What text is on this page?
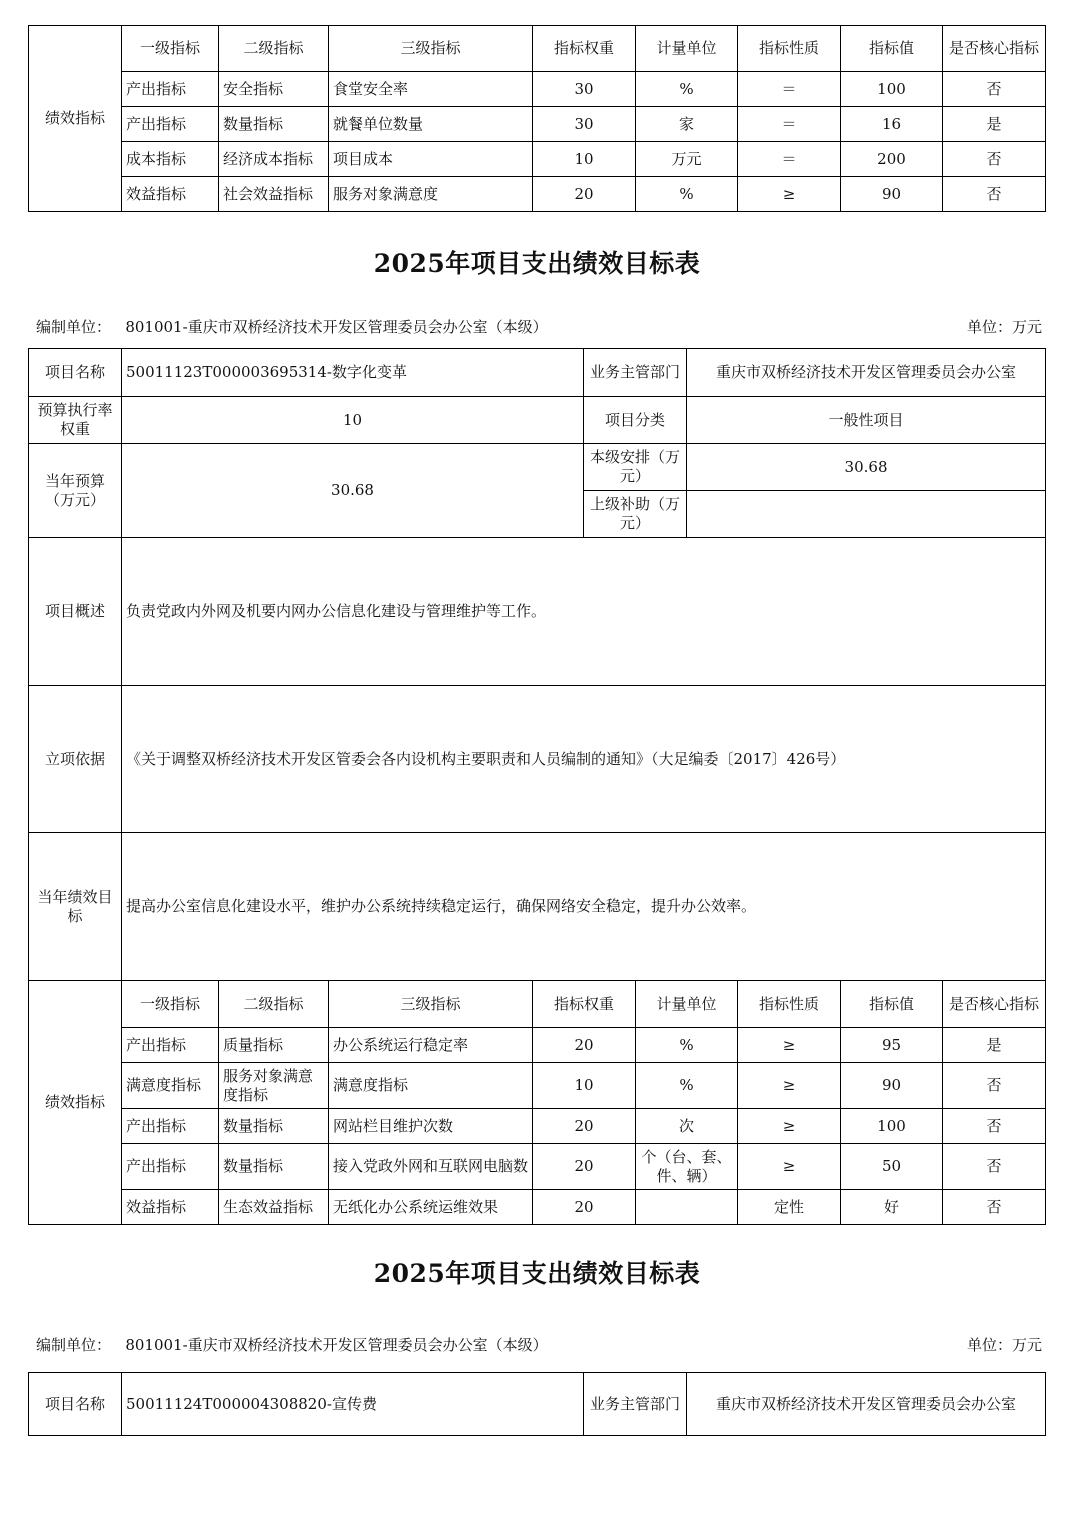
绩效指标	一级指标	二级指标	三级指标	指标权重	计量单位	指标性质	指标值	是否核心指标
	产出指标	安全指标	食堂安全率	30	%	＝	100	否
	产出指标	数量指标	就餐单位数量	30	家	＝	16	是
	成本指标	经济成本指标	项目成本	10	万元	＝	200	否
	效益指标	社会效益指标	服务对象满意度	20	%	≥	90	否
2025年项目支出绩效目标表
编制单位： 801001-重庆市双桥经济技术开发区管理委员会办公室（本级）	单位：万元
项目名称	50011123T000003695314-数字化变革	业务主管部门	重庆市双桥经济技术开发区管理委员会办公室
预算执行率权重	10	项目分类	一般性项目
当年预算（万元）	30.68	本级安排（万元）	30.68
		上级补助（万元）	
项目概述	负责党政内外网及机要内网办公信息化建设与管理维护等工作。		
立项依据	《关于调整双桥经济技术开发区管委会各内设机构主要职责和人员编制的通知》（大足编委〔2017〕426号）		
当年绩效目标	提高办公室信息化建设水平，维护办公系统持续稳定运行，确保网络安全稳定，提升办公效率。		
绩效指标	一级指标	二级指标	三级指标	指标权重	计量单位	指标性质	指标值	是否核心指标
	产出指标	质量指标	办公系统运行稳定率	20	%	≥	95	是
	满意度指标	服务对象满意度指标	满意度指标	10	%	≥	90	否
	产出指标	数量指标	网站栏目维护次数	20	次	≥	100	否
	产出指标	数量指标	接入党政外网和互联网电脑数	20	个（台、套、件、辆）	≥	50	否
	效益指标	生态效益指标	无纸化办公系统运维效果	20		定性	好	否
2025年项目支出绩效目标表
编制单位： 801001-重庆市双桥经济技术开发区管理委员会办公室（本级）	单位：万元
项目名称	50011124T000004308820-宣传费	业务主管部门	重庆市双桥经济技术开发区管理委员会办公室
